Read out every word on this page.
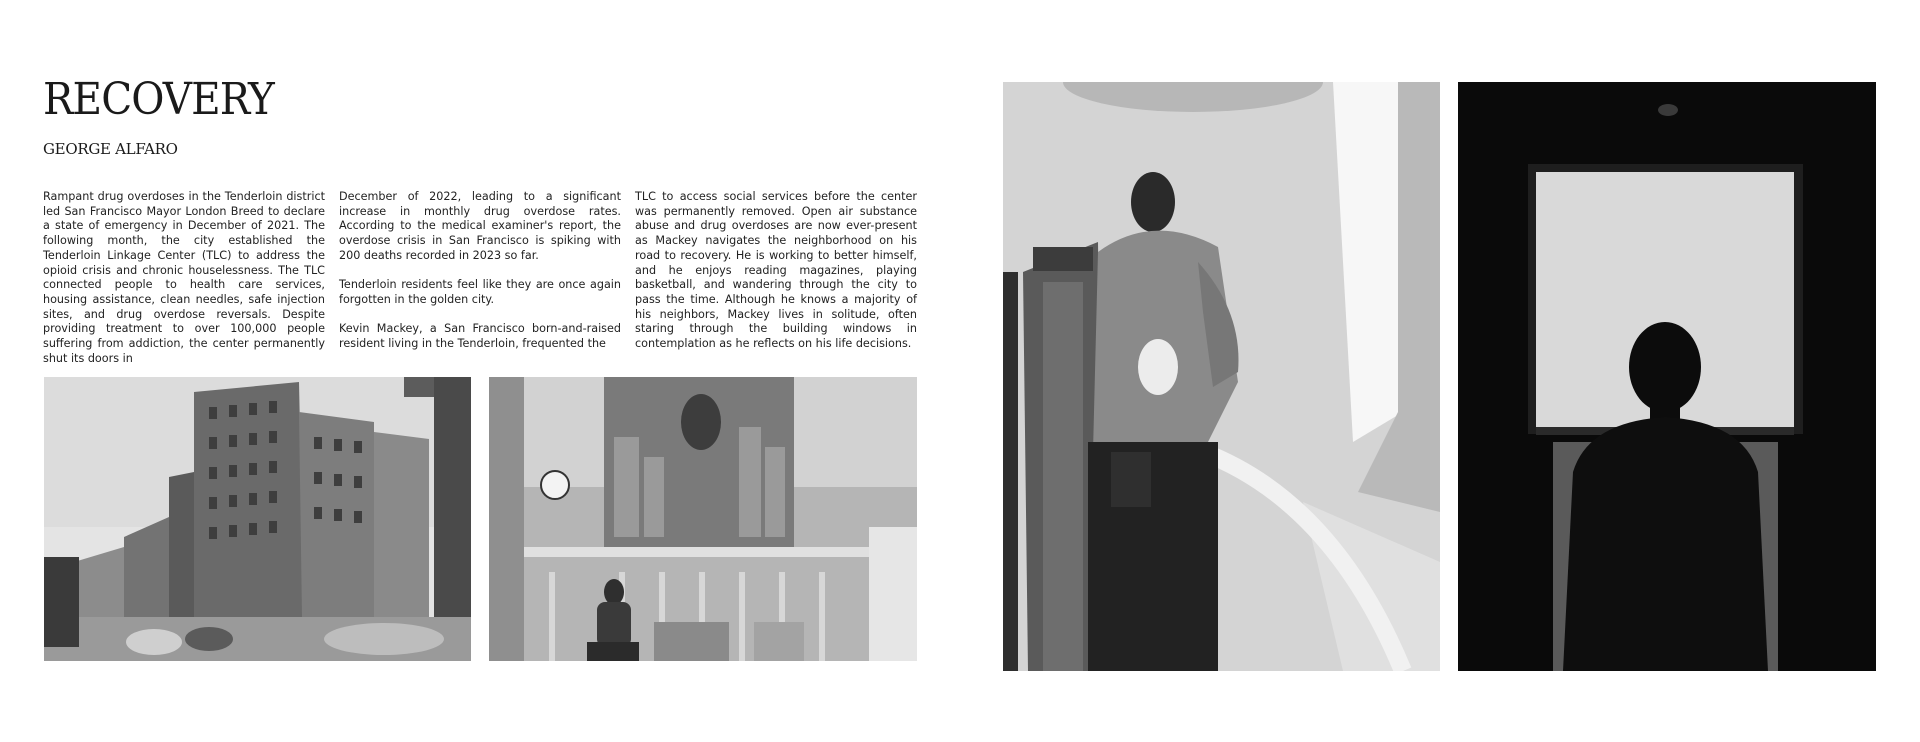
RECOVERY
GEORGE ALFARO

Rampant drug overdoses in the Tenderloin district led San Francisco Mayor London Breed to declare a state of emergency in December of 2021. The following month, the city established the Tenderloin Linkage Center (TLC) to address the opioid crisis and chronic houselessness. The TLC connected people to health care services, housing assistance, clean needles, safe injection sites, and drug overdose reversals. Despite providing treatment to over 100,000 people suffering from addiction, the center permanently shut its doors in

December of 2022, leading to a significant increase in monthly drug overdose rates. According to the medical examiner's report, the overdose crisis in San Francisco is spiking with 200 deaths recorded in 2023 so far.

Tenderloin residents feel like they are once again forgotten in the golden city.

Kevin Mackey, a San Francisco born-and-raised resident living in the Tenderloin, frequented the

TLC to access social services before the center was permanently removed. Open air substance abuse and drug overdoses are now ever-present as Mackey navigates the neighborhood on his road to recovery. He is working to better himself, and he enjoys reading magazines, playing basketball, and wandering through the city to pass the time. Although he knows a majority of his neighbors, Mackey lives in solitude, often staring through the building windows in contemplation as he reflects on his life decisions.
